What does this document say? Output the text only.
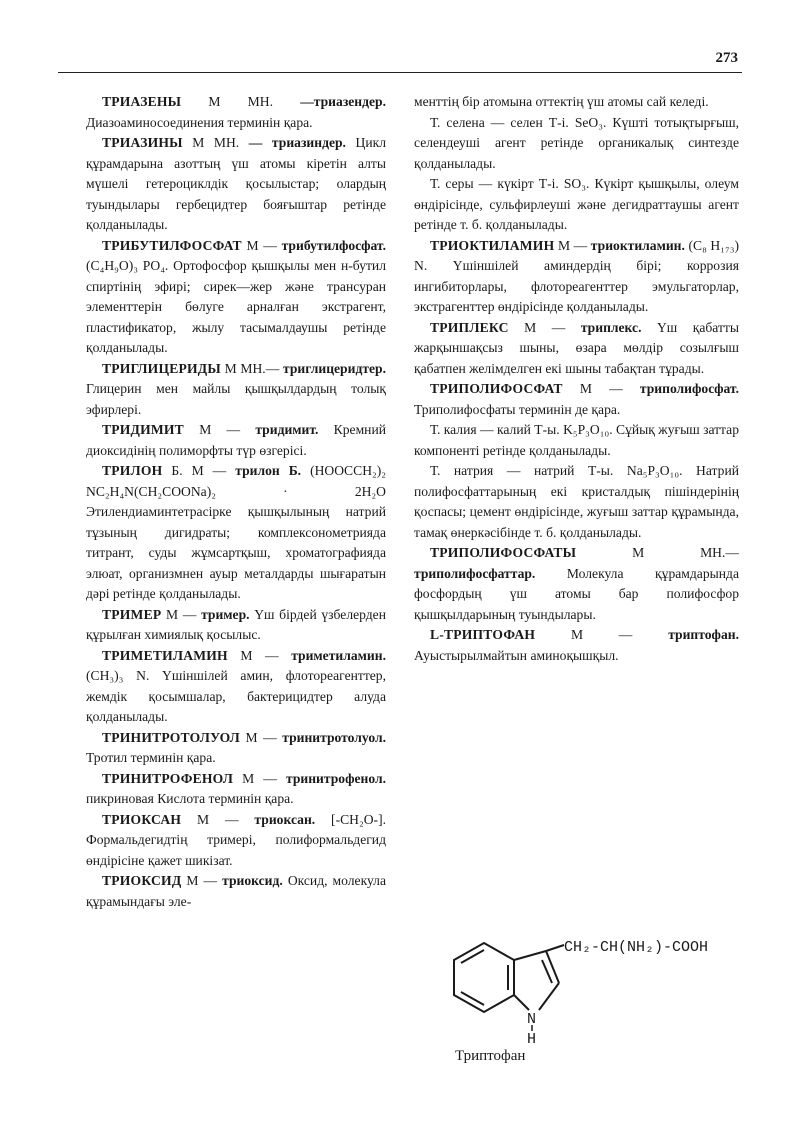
273

ТРИАЗЕНЫ М МН. —триазендер. Диазоаминосоединения терминін қара.

ТРИАЗИНЫ М МН. — триазиндер. Цикл құрамдарына азоттың үш атомы кіретін алты мүшелі гетероциклдік қосылыстар; олардың туындылары гербецидтер бояғыштар ретінде қолданылады.

ТРИБУТИЛФОСФАТ М — трибутилфосфат. (C₄H₉O)₃ PO₄. Ортофосфор қышқылы мен н-бутил спиртінің эфирі; сирек—жер және трансуран элементтерін бөлуге арналған экстрагент, пластификатор, жылу тасымалдаушы ретінде қолданылады.

ТРИГЛИЦЕРИДЫ М МН.— триглицеридтер. Глицерин мен майлы қышқылдардың толық эфирлері.

ТРИДИМИТ М — тридимит. Кремний диоксидінің полиморфты түр өзгерісі.

ТРИЛОН Б. М — трилон Б. (HOOCCH₂)₂ NC₂H₄N(CH₂COONa)₂ · 2H₂O Этилендиаминтетрасірке қышқылының натрий тұзының дигидраты; комплексонометрияда титрант, суды жұмсартқыш, хроматографияда элюат, организмнен ауыр металдарды шығаратын дәрі ретінде қолданылады.

ТРИМЕР М — тример. Үш бірдей үзбелерден құрылған химиялық қосылыс.

ТРИМЕТИЛАМИН М — триметиламин. (CH₃)₃ N. Үшіншілей амин, флотореагенттер, жемдік қосымшалар, бактерицидтер алуда қолданылады.

ТРИНИТРОТОЛУОЛ М — тринитротолуол. Тротил терминін қара.

ТРИНИТРОФЕНОЛ М — тринитрофенол. пикриновая Кислота терминін қара.

ТРИОКСАН М — триоксан. [-CH₂O-]. Формальдегидтің тримері, полиформальдегид өндірісіне қажет шикізат.

ТРИОКСИД М — триоксид. Оксид, молекула құрамындағы эле-

менттің бір атомына оттектің үш атомы сай келеді.

Т. селена — селен Т-і. SeO₃. Күшті тотықтырғыш, селендеуші агент ретінде органикалық синтезде қолданылады.

Т. серы — күкірт Т-і. SO₃. Күкірт қышқылы, олеум өндірісінде, сульфирлеуші және дегидраттаушы агент ретінде т. б. қолданылады.

ТРИОКТИЛАМИН М — триоктиламин. (C₈ H₁₇₃) N. Үшіншілей аминдердің бірі; коррозия ингибиторлары, флотореагенттер эмульгаторлар, экстрагенттер өндірісінде қолданылады.

ТРИПЛЕКС М — триплекс. Үш қабатты жарқыншақсыз шыны, өзара мөлдір созылғыш қабатпен желімделген екі шыны табақтан тұрады.

ТРИПОЛИФОСФАТ М — триполифосфат. Триполифосфаты терминін де қара.

Т. калия — калий Т-ы. K₅P₃O₁₀. Сұйық жуғыш заттар компоненті ретінде қолданылады.

Т. натрия — натрий Т-ы. Na₅P₃O₁₀. Натрий полифосфаттарының екі кристалдық пішіндерінің қоспасы; цемент өндірісінде, жуғыш заттар құрамында, тамақ өнеркәсібінде т. б. қолданылады.

ТРИПОЛИФОСФАТЫ	М МН.— триполифосфаттар. Молекула құрамдарында фосфордың үш атомы бар полифосфор қышқылдарының туындылары.

L-ТРИПТОФАН	М —	триптофан. Ауыстырылмайтын аминоқышқыл.

CH₂-CH(NH₂)-COOH
N
H
Триптофан
